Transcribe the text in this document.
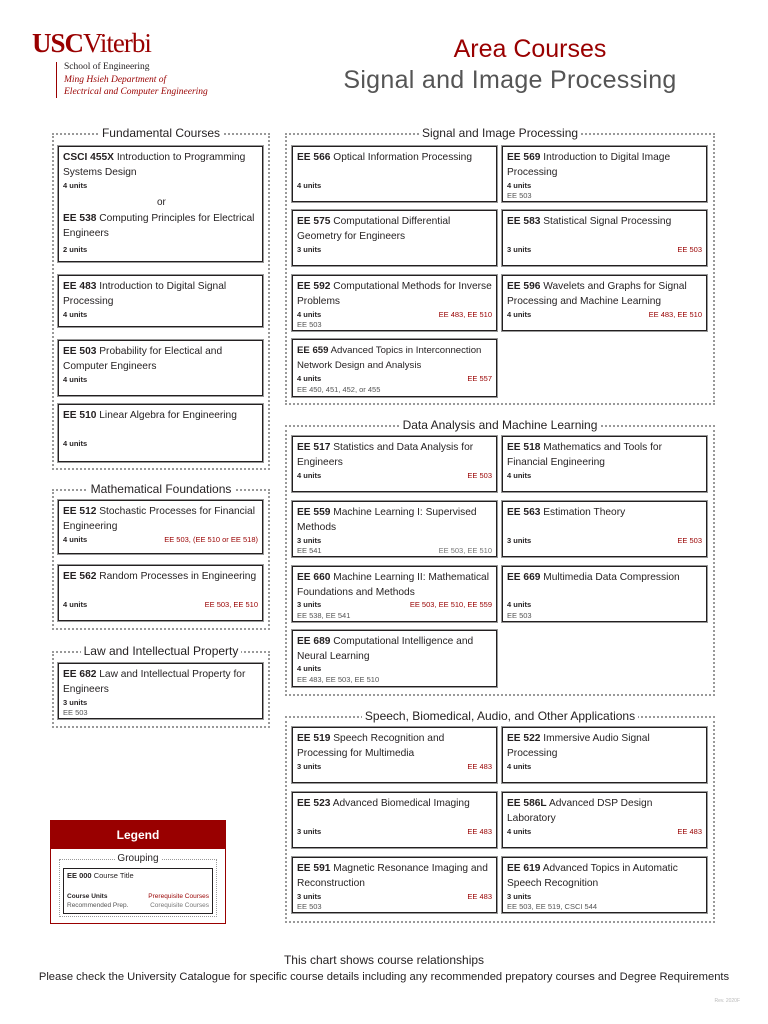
USCViterbi
School of Engineering
Ming Hsieh Department of
Electrical and Computer Engineering
Area Courses
Signal and Image Processing
Fundamental Courses
CSCI 455X Introduction to Programming Systems Design
4 units
or
EE 538 Computing Principles for Electrical Engineers
2 units
EE 483 Introduction to Digital Signal Processing
4 units
EE 503 Probability for Electical and Computer Engineers
4 units
EE 510 Linear Algebra for Engineering
4 units
Mathematical Foundations
EE 512 Stochastic Processes for Financial Engineering
4 units	EE 503, (EE 510 or EE 518)
EE 562 Random Processes in Engineering
4 units	EE 503, EE 510
Law and Intellectual Property
EE 682 Law and Intellectual Property for Engineers
3 units
EE 503
Signal and Image Processing
EE 566 Optical Information Processing
4 units
EE 569 Introduction to Digital Image Processing
4 units
EE 503
EE 575 Computational Differential Geometry for Engineers
3 units
EE 583 Statistical Signal Processing
3 units	EE 503
EE 592 Computational Methods for Inverse Problems
4 units	EE 483, EE 510
EE 503
EE 596 Wavelets and Graphs for Signal Processing and Machine Learning
4 units	EE 483, EE 510
EE 659 Advanced Topics in Interconnection Network Design and Analysis
4 units	EE 557
EE 450, 451, 452, or 455
Data Analysis and Machine Learning
EE 517 Statistics and Data Analysis for Engineers
4 units	EE 503
EE 518 Mathematics and Tools for Financial Engineering
4 units
EE 559 Machine Learning I: Supervised Methods
3 units
EE 541	EE 503, EE 510
EE 563 Estimation Theory
3 units	EE 503
EE 660 Machine Learning II: Mathematical Foundations and Methods
3 units	EE 503, EE 510, EE 559
EE 538, EE 541
EE 669 Multimedia Data Compression
4 units
EE 503
EE 689 Computational Intelligence and Neural Learning
4 units
EE 483, EE 503, EE 510
Speech, Biomedical, Audio, and Other Applications
EE 519 Speech Recognition and Processing for Multimedia
3 units	EE 483
EE 522 Immersive Audio Signal Processing
4 units
EE 523 Advanced Biomedical Imaging
3 units	EE 483
EE 586L Advanced DSP Design Laboratory
4 units	EE 483
EE 591 Magnetic Resonance Imaging and Reconstruction
3 units	EE 483
EE 503
EE 619 Advanced Topics in Automatic Speech Recognition
3 units
EE 503, EE 519, CSCI 544
Legend
Grouping
EE 000 Course Title
Course Units	Prerequisite Courses
Recommended Prep.	Corequisite Courses
This chart shows course relationships
Please check the University Catalogue for specific course details including any recommended prepatory courses and Degree Requirements
Rev. 2020F
